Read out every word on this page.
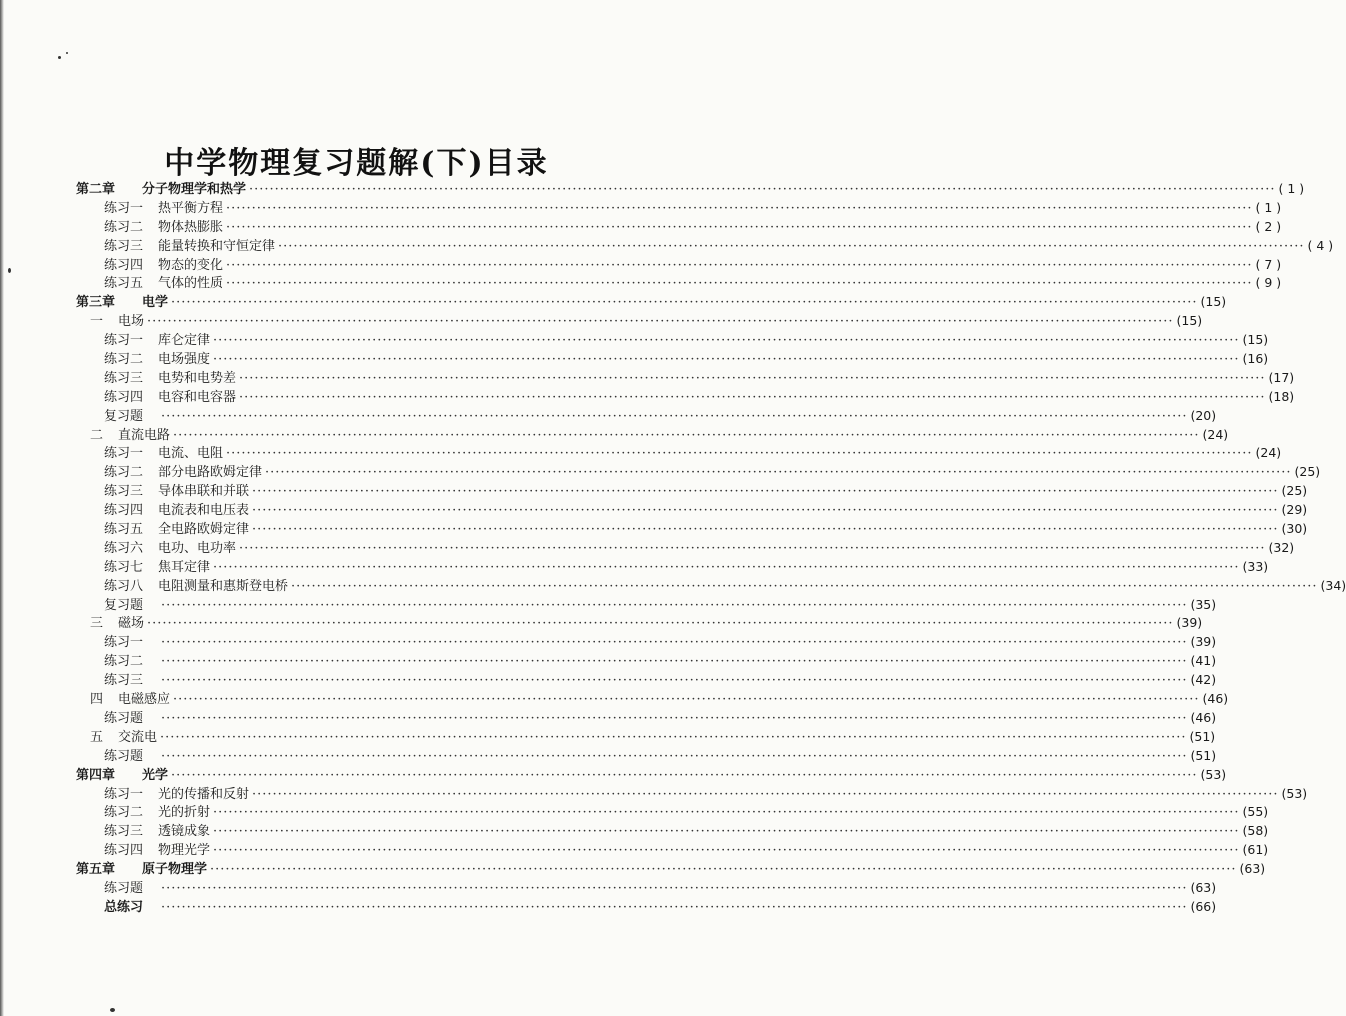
中学物理复习题解(下)目录
第二章 分子物理学和热学 ········································································································································································································ ( 1 )
练习一 热平衡方程 ········································································································································································································ ( 1 )
练习二 物体热膨胀 ········································································································································································································ ( 2 )
练习三 能量转换和守恒定律 ········································································································································································································ ( 4 )
练习四 物态的变化 ········································································································································································································ ( 7 )
练习五 气体的性质 ········································································································································································································ ( 9 )
第三章 电学 ········································································································································································································ (15)
一 电场 ········································································································································································································ (15)
练习一 库仑定律 ········································································································································································································ (15)
练习二 电场强度 ········································································································································································································ (16)
练习三 电势和电势差 ········································································································································································································ (17)
练习四 电容和电容器 ········································································································································································································ (18)
复习题	········································································································································································································ (20)
二 直流电路 ········································································································································································································ (24)
练习一 电流、电阻 ········································································································································································································ (24)
练习二 部分电路欧姆定律 ········································································································································································································ (25)
练习三 导体串联和并联 ········································································································································································································ (25)
练习四 电流表和电压表 ········································································································································································································ (29)
练习五 全电路欧姆定律 ········································································································································································································ (30)
练习六 电功、电功率 ········································································································································································································ (32)
练习七 焦耳定律 ········································································································································································································ (33)
练习八 电阻测量和惠斯登电桥 ········································································································································································································ (34)
复习题	········································································································································································································ (35)
三 磁场 ········································································································································································································ (39)
练习一	········································································································································································································ (39)
练习二	········································································································································································································ (41)
练习三	········································································································································································································ (42)
四 电磁感应 ········································································································································································································ (46)
练习题	········································································································································································································ (46)
五 交流电 ········································································································································································································ (51)
练习题	········································································································································································································ (51)
第四章 光学 ········································································································································································································ (53)
练习一 光的传播和反射 ········································································································································································································ (53)
练习二 光的折射 ········································································································································································································ (55)
练习三 透镜成象 ········································································································································································································ (58)
练习四 物理光学 ········································································································································································································ (61)
第五章 原子物理学 ········································································································································································································ (63)
练习题	········································································································································································································ (63)
总练习	········································································································································································································ (66)
